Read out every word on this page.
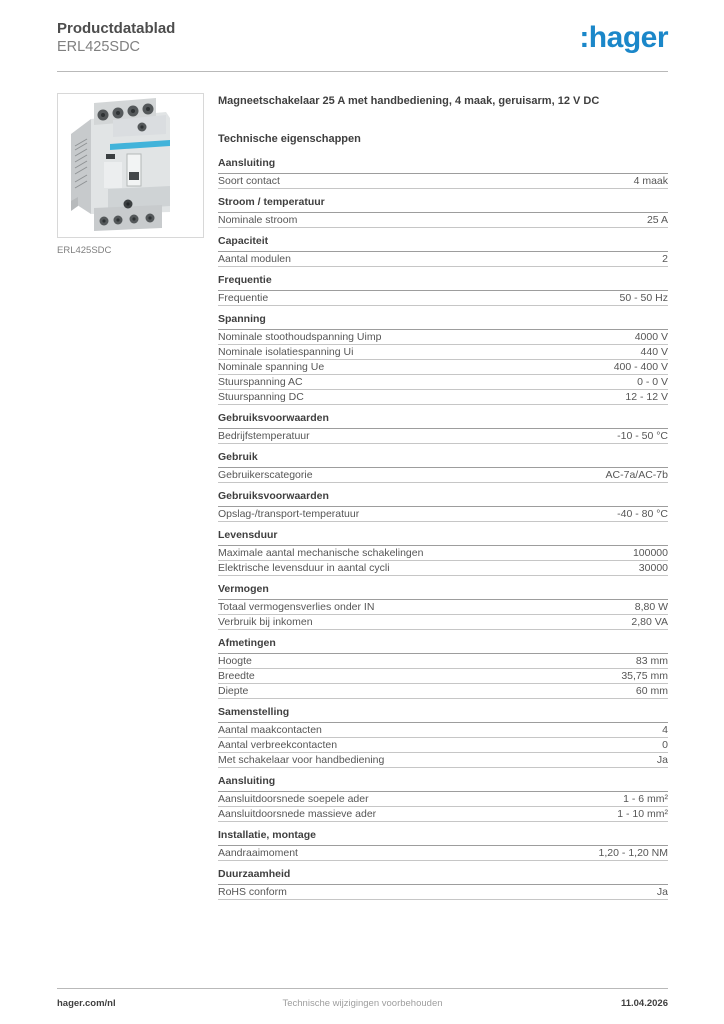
Productdatablad
ERL425SDC	:hager
ERL425SDC
Magneetschakelaar 25 A met handbediening, 4 maak, geruisarm, 12 V DC
Technische eigenschappen
Aansluiting
Soort contact	4 maak
Stroom / temperatuur
Nominale stroom	25 A
Capaciteit
Aantal modulen	2
Frequentie
Frequentie	50 - 50 Hz
Spanning
Nominale stoothoudspanning Uimp	4000 V
Nominale isolatiespanning Ui	440 V
Nominale spanning Ue	400 - 400 V
Stuurspanning AC	0 - 0 V
Stuurspanning DC	12 - 12 V
Gebruiksvoorwaarden
Bedrijfstemperatuur	-10 - 50 °C
Gebruik
Gebruikerscategorie	AC-7a/AC-7b
Gebruiksvoorwaarden
Opslag-/transport-temperatuur	-40 - 80 °C
Levensduur
Maximale aantal mechanische schakelingen	100000
Elektrische levensduur in aantal cycli	30000
Vermogen
Totaal vermogensverlies onder IN	8,80 W
Verbruik bij inkomen	2,80 VA
Afmetingen
Hoogte	83 mm
Breedte	35,75 mm
Diepte	60 mm
Samenstelling
Aantal maakcontacten	4
Aantal verbreekcontacten	0
Met schakelaar voor handbediening	Ja
Aansluiting
Aansluitdoorsnede soepele ader	1 - 6 mm²
Aansluitdoorsnede massieve ader	1 - 10 mm²
Installatie, montage
Aandraaimoment	1,20 - 1,20 NM
Duurzaamheid
RoHS conform	Ja
hager.com/nl	Technische wijzigingen voorbehouden	11.04.2026
